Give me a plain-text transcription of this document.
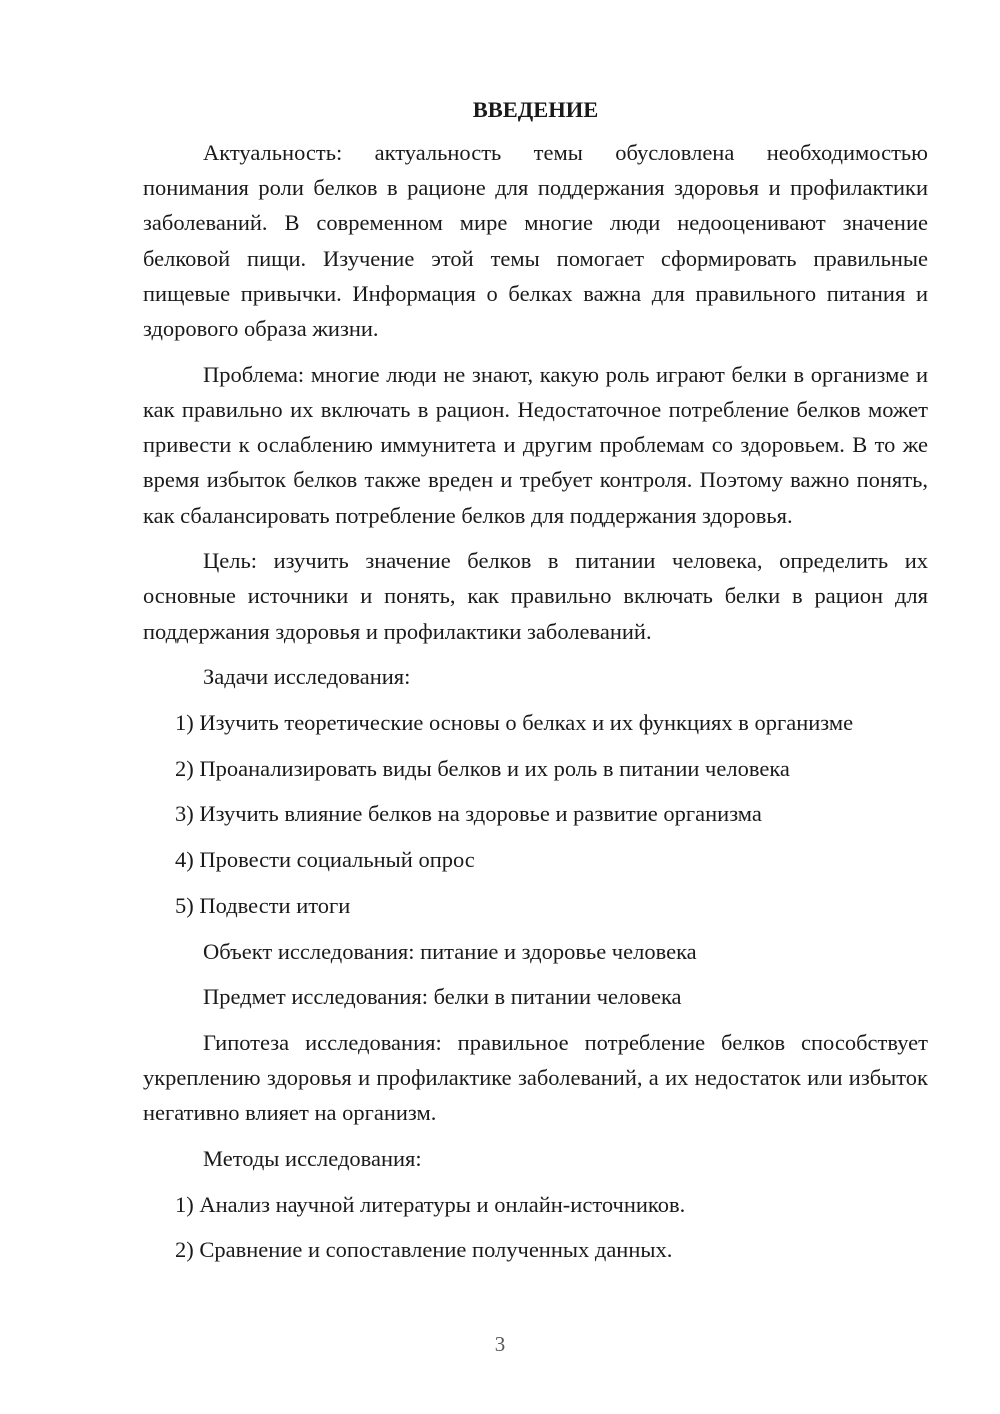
ВВЕДЕНИЕ

Актуальность: актуальность темы обусловлена необходимостью понимания роли белков в рационе для поддержания здоровья и профилактики заболеваний. В современном мире многие люди недооценивают значение белковой пищи. Изучение этой темы помогает сформировать правильные пищевые привычки. Информация о белках важна для правильного питания и здорового образа жизни.

Проблема: многие люди не знают, какую роль играют белки в организме и как правильно их включать в рацион. Недостаточное потребление белков может привести к ослаблению иммунитета и другим проблемам со здоровьем. В то же время избыток белков также вреден и требует контроля. Поэтому важно понять, как сбалансировать потребление белков для поддержания здоровья.

Цель: изучить значение белков в питании человека, определить их основные источники и понять, как правильно включать белки в рацион для поддержания здоровья и профилактики заболеваний.

Задачи исследования:

1) Изучить теоретические основы о белках и их функциях в организме

2) Проанализировать виды белков и их роль в питании человека

3) Изучить влияние белков на здоровье и развитие организма

4) Провести социальный опрос

5) Подвести итоги

Объект исследования: питание и здоровье человека

Предмет исследования: белки в питании человека

Гипотеза исследования: правильное потребление белков способствует укреплению здоровья и профилактике заболеваний, а их недостаток или избыток негативно влияет на организм.

Методы исследования:

1) Анализ научной литературы и онлайн-источников.

2) Сравнение и сопоставление полученных данных.

3
